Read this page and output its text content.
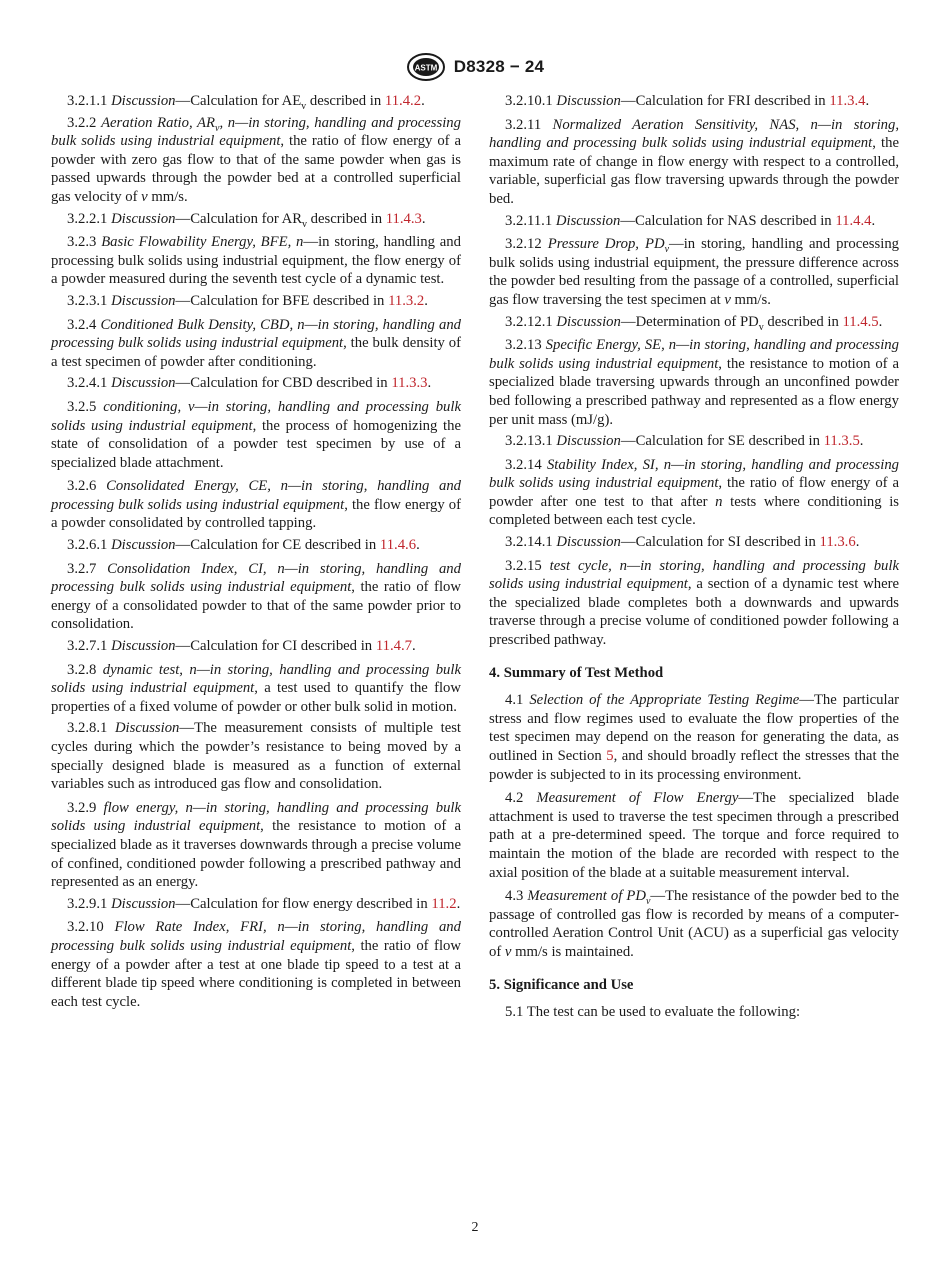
ASTM D8328 − 24

3.2.1.1 Discussion—Calculation for $AE_v$ described in 11.4.2.

3.2.2 Aeration Ratio, $AR_v$, n—in storing, handling and processing bulk solids using industrial equipment, the ratio of flow energy of a powder with zero gas flow to that of the same powder when gas is passed upwards through the powder bed at a controlled superficial gas velocity of v mm/s.

3.2.2.1 Discussion—Calculation for $AR_v$ described in 11.4.3.

3.2.3 Basic Flowability Energy, BFE, n—in storing, handling and processing bulk solids using industrial equipment, the flow energy of a powder measured during the seventh test cycle of a dynamic test.

3.2.3.1 Discussion—Calculation for BFE described in 11.3.2.

3.2.4 Conditioned Bulk Density, CBD, n—in storing, handling and processing bulk solids using industrial equipment, the bulk density of a test specimen of powder after conditioning.

3.2.4.1 Discussion—Calculation for CBD described in 11.3.3.

3.2.5 conditioning, v—in storing, handling and processing bulk solids using industrial equipment, the process of homogenizing the state of consolidation of a powder test specimen by use of a specialized blade attachment.

3.2.6 Consolidated Energy, CE, n—in storing, handling and processing bulk solids using industrial equipment, the flow energy of a powder consolidated by controlled tapping.

3.2.6.1 Discussion—Calculation for CE described in 11.4.6.

3.2.7 Consolidation Index, CI, n—in storing, handling and processing bulk solids using industrial equipment, the ratio of flow energy of a consolidated powder to that of the same powder prior to consolidation.

3.2.7.1 Discussion—Calculation for CI described in 11.4.7.

3.2.8 dynamic test, n—in storing, handling and processing bulk solids using industrial equipment, a test used to quantify the flow properties of a fixed volume of powder or other bulk solid in motion.

3.2.8.1 Discussion—The measurement consists of multiple test cycles during which the powder’s resistance to being moved by a specially designed blade is measured as a function of external variables such as introduced gas flow and consolidation.

3.2.9 flow energy, n—in storing, handling and processing bulk solids using industrial equipment, the resistance to motion of a specialized blade as it traverses downwards through a precise volume of confined, conditioned powder following a prescribed pathway and represented as an energy.

3.2.9.1 Discussion—Calculation for flow energy described in 11.2.

3.2.10 Flow Rate Index, FRI, n—in storing, handling and processing bulk solids using industrial equipment, the ratio of flow energy of a powder after a test at one blade tip speed to a test at a different blade tip speed where conditioning is completed in between each test cycle.

3.2.10.1 Discussion—Calculation for FRI described in 11.3.4.

3.2.11 Normalized Aeration Sensitivity, NAS, n—in storing, handling and processing bulk solids using industrial equipment, the maximum rate of change in flow energy with respect to a controlled, variable, superficial gas flow traversing upwards through the powder bed.

3.2.11.1 Discussion—Calculation for NAS described in 11.4.4.

3.2.12 Pressure Drop, $PD_v—in$ storing, handling and processing bulk solids using industrial equipment, the pressure difference across the powder bed resulting from the passage of a controlled, superficial gas flow traversing the test specimen at v mm/s.

3.2.12.1 Discussion—Determination of $PD_v$ described in 11.4.5.

3.2.13 Specific Energy, SE, n—in storing, handling and processing bulk solids using industrial equipment, the resistance to motion of a specialized blade traversing upwards through an unconfined powder bed following a prescribed pathway and represented as a flow energy per unit mass (mJ/g).

3.2.13.1 Discussion—Calculation for SE described in 11.3.5.

3.2.14 Stability Index, SI, n—in storing, handling and processing bulk solids using industrial equipment, the ratio of flow energy of a powder after one test to that after n tests where conditioning is completed between each test cycle.

3.2.14.1 Discussion—Calculation for SI described in 11.3.6.

3.2.15 test cycle, n—in storing, handling and processing bulk solids using industrial equipment, a section of a dynamic test where the specialized blade completes both a downwards and upwards traverse through a precise volume of conditioned powder following a prescribed pathway.

4. Summary of Test Method

4.1 Selection of the Appropriate Testing Regime—The particular stress and flow regimes used to evaluate the flow properties of the test specimen may depend on the reason for generating the data, as outlined in Section 5, and should broadly reflect the stresses that the powder is subjected to in its processing environment.

4.2 Measurement of Flow Energy—The specialized blade attachment is used to traverse the test specimen through a prescribed path at a pre-determined speed. The torque and force required to maintain the motion of the blade are recorded with respect to the axial position of the blade at a suitable measurement interval.

4.3 Measurement of $PD_v—The$ resistance of the powder bed to the passage of controlled gas flow is recorded by means of a computer-controlled Aeration Control Unit (ACU) as a superficial gas velocity of v mm/s is maintained.

5. Significance and Use

5.1 The test can be used to evaluate the following:

2
